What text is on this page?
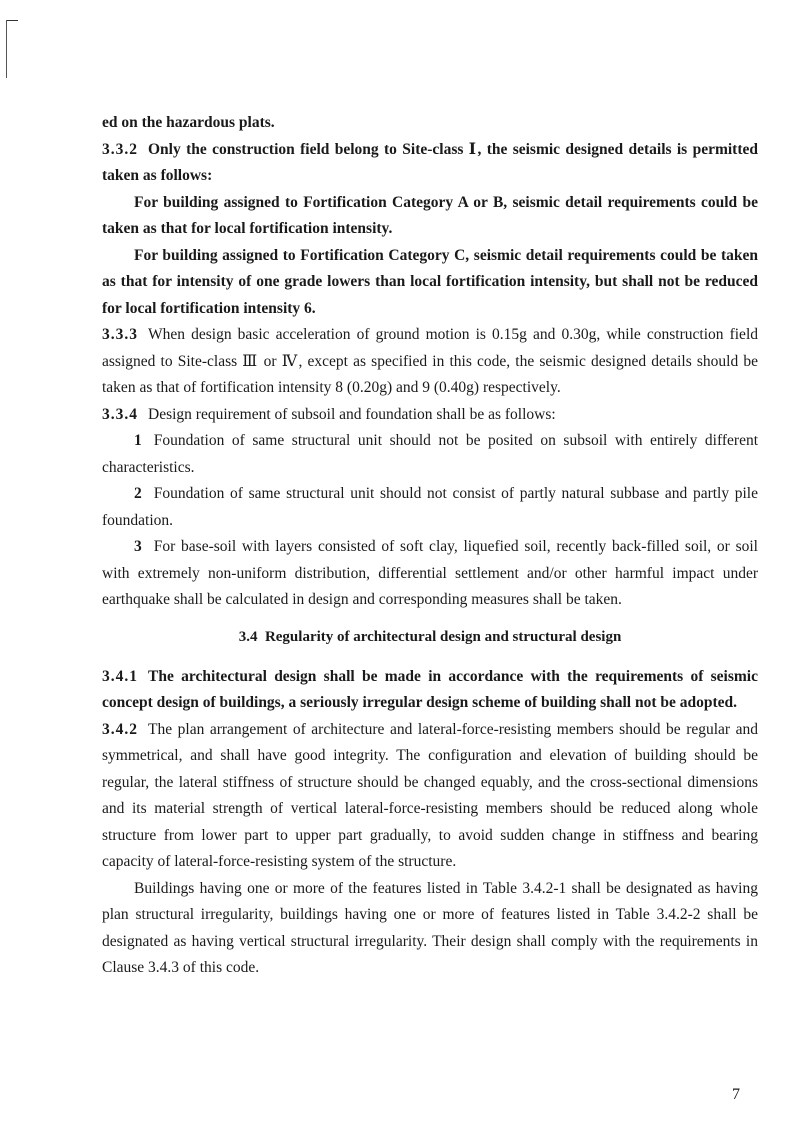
ed on the hazardous plats.

3.3.2 Only the construction field belong to Site-class Ⅰ, the seismic designed details is permitted taken as follows:

For building assigned to Fortification Category A or B, seismic detail requirements could be taken as that for local fortification intensity.

For building assigned to Fortification Category C, seismic detail requirements could be taken as that for intensity of one grade lowers than local fortification intensity, but shall not be reduced for local fortification intensity 6.

3.3.3 When design basic acceleration of ground motion is 0.15g and 0.30g, while construction field assigned to Site-class Ⅲ or Ⅳ, except as specified in this code, the seismic designed details should be taken as that of fortification intensity 8 (0.20g) and 9 (0.40g) respectively.

3.3.4 Design requirement of subsoil and foundation shall be as follows:

1 Foundation of same structural unit should not be posited on subsoil with entirely different characteristics.

2 Foundation of same structural unit should not consist of partly natural subbase and partly pile foundation.

3 For base-soil with layers consisted of soft clay, liquefied soil, recently back-filled soil, or soil with extremely non-uniform distribution, differential settlement and/or other harmful impact under earthquake shall be calculated in design and corresponding measures shall be taken.

3.4 Regularity of architectural design and structural design

3.4.1 The architectural design shall be made in accordance with the requirements of seismic concept design of buildings, a seriously irregular design scheme of building shall not be adopted.

3.4.2 The plan arrangement of architecture and lateral-force-resisting members should be regular and symmetrical, and shall have good integrity. The configuration and elevation of building should be regular, the lateral stiffness of structure should be changed equably, and the cross-sectional dimensions and its material strength of vertical lateral-force-resisting members should be reduced along whole structure from lower part to upper part gradually, to avoid sudden change in stiffness and bearing capacity of lateral-force-resisting system of the structure.

Buildings having one or more of the features listed in Table 3.4.2-1 shall be designated as having plan structural irregularity, buildings having one or more of features listed in Table 3.4.2-2 shall be designated as having vertical structural irregularity. Their design shall comply with the requirements in Clause 3.4.3 of this code.

7
